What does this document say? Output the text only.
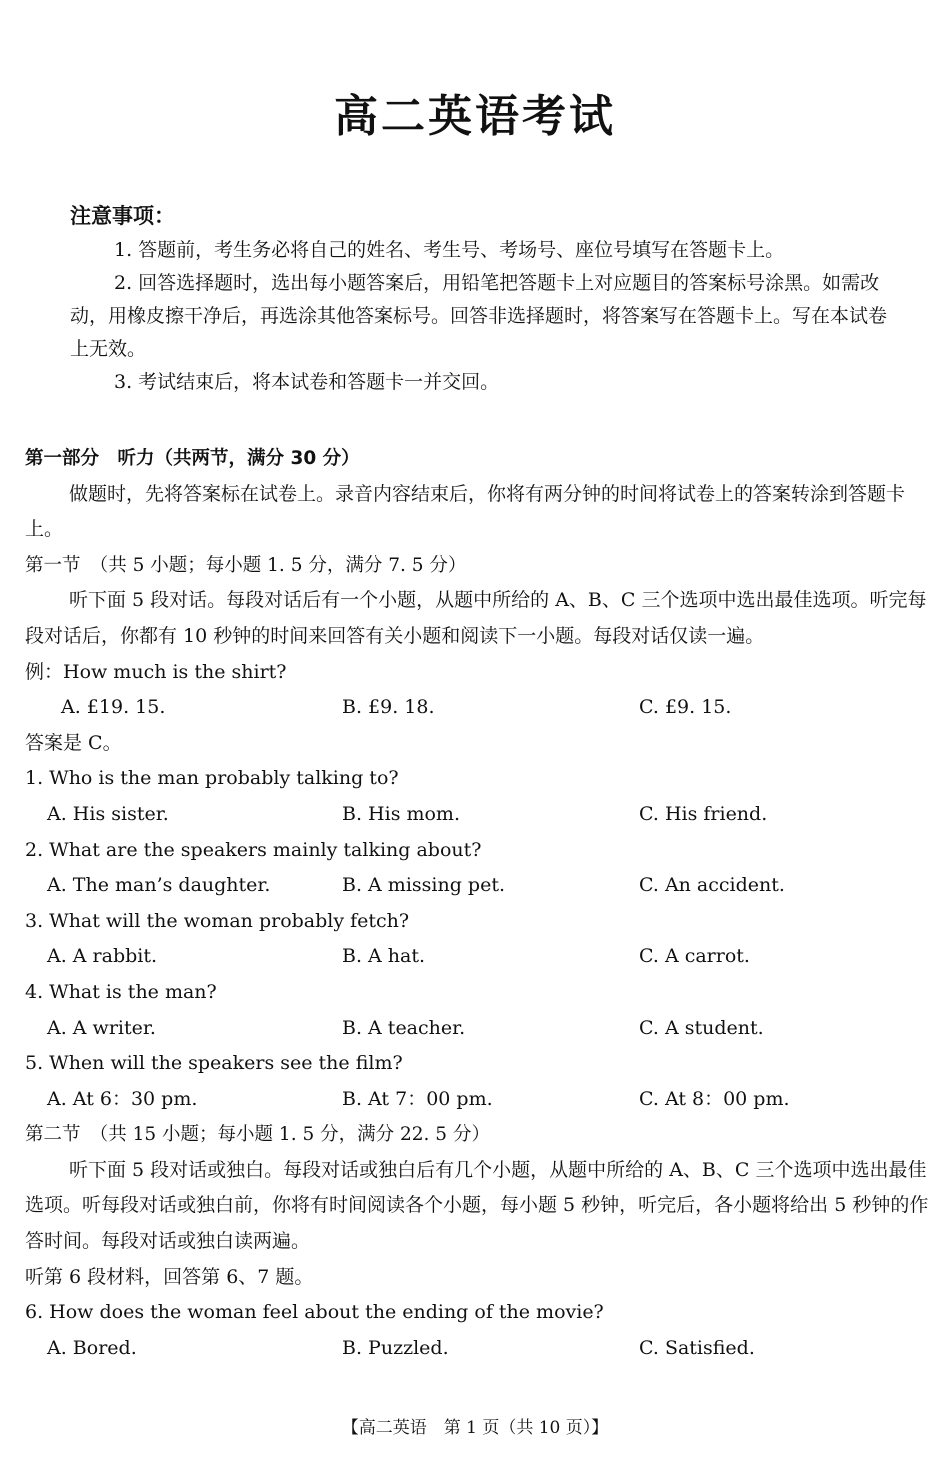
高二英语考试
注意事项：

1. 答题前，考生务必将自己的姓名、考生号、考场号、座位号填写在答题卡上。

2. 回答选择题时，选出每小题答案后，用铅笔把答题卡上对应题目的答案标号涂黑。如需改动，用橡皮擦干净后，再选涂其他答案标号。回答非选择题时，将答案写在答题卡上。写在本试卷上无效。

3. 考试结束后，将本试卷和答题卡一并交回。

第一部分　听力（共两节，满分 30 分）

做题时，先将答案标在试卷上。录音内容结束后，你将有两分钟的时间将试卷上的答案转涂到答题卡上。

第一节　（共 5 小题；每小题 1. 5 分，满分 7. 5 分）

听下面 5 段对话。每段对话后有一个小题，从题中所给的 A、B、C 三个选项中选出最佳选项。听完每段对话后，你都有 10 秒钟的时间来回答有关小题和阅读下一小题。每段对话仅读一遍。

例：How much is the shirt?

A. £19. 15.	B. £9. 18.	C. £9. 15.

答案是 C。

1. Who is the man probably talking to?

A. His sister.	B. His mom.	C. His friend.

2. What are the speakers mainly talking about?

A. The man’s daughter.	B. A missing pet.	C. An accident.

3. What will the woman probably fetch?

A. A rabbit.	B. A hat.	C. A carrot.

4. What is the man?

A. A writer.	B. A teacher.	C. A student.

5. When will the speakers see the film?

A. At 6：30 pm.	B. At 7：00 pm.	C. At 8：00 pm.

第二节　（共 15 小题；每小题 1. 5 分，满分 22. 5 分）

听下面 5 段对话或独白。每段对话或独白后有几个小题，从题中所给的 A、B、C 三个选项中选出最佳选项。听每段对话或独白前，你将有时间阅读各个小题，每小题 5 秒钟，听完后，各小题将给出 5 秒钟的作答时间。每段对话或独白读两遍。

听第 6 段材料，回答第 6、7 题。

6. How does the woman feel about the ending of the movie?

A. Bored.	B. Puzzled.	C. Satisfied.
【高二英语　第 1 页（共 10 页）】
